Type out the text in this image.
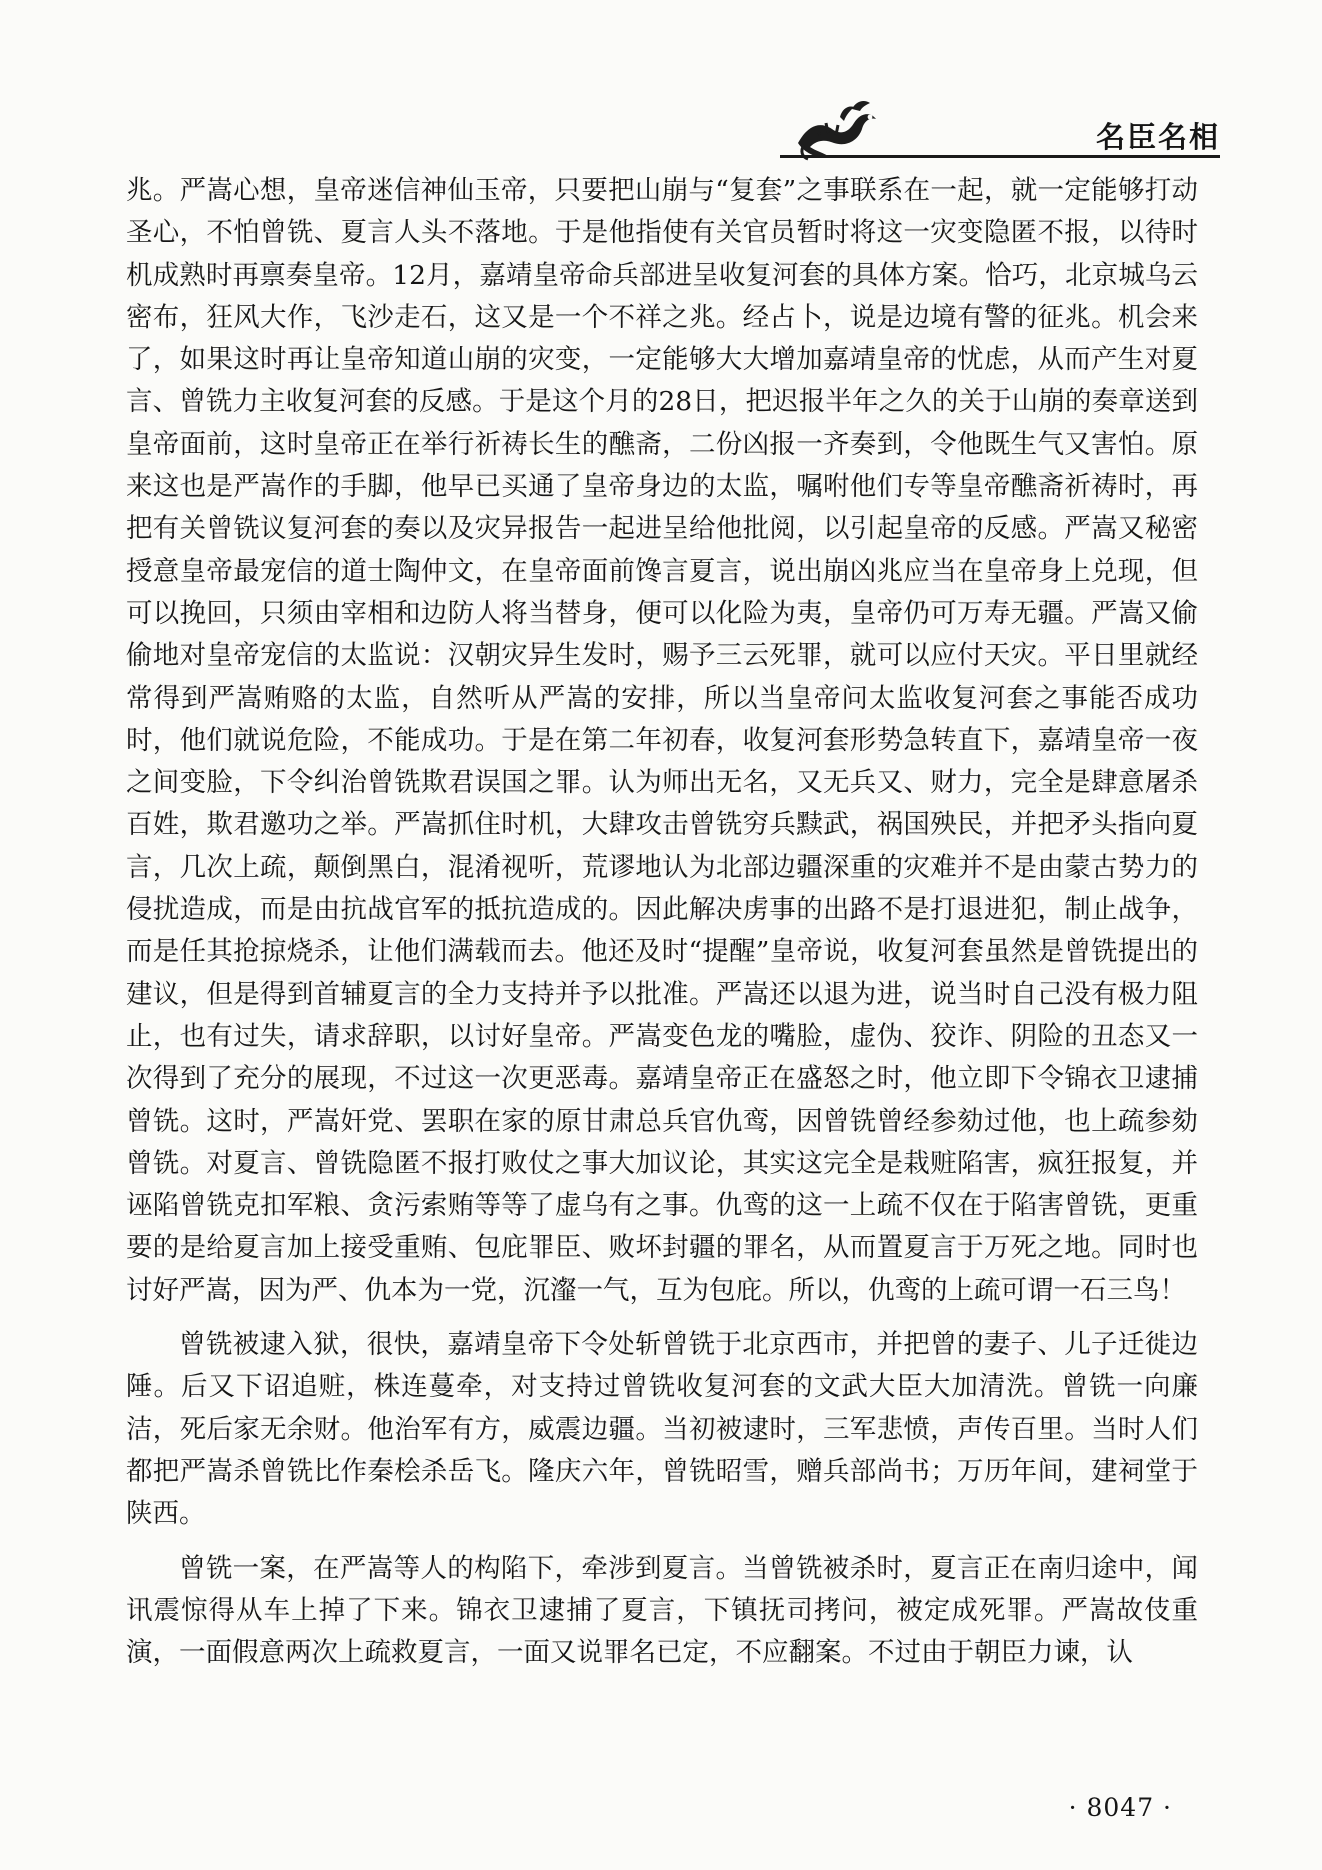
名臣名相

兆。严嵩心想，皇帝迷信神仙玉帝，只要把山崩与“复套”之事联系在一起，就一定能够打动圣心，不怕曾铣、夏言人头不落地。于是他指使有关官员暂时将这一灾变隐匿不报，以待时机成熟时再禀奏皇帝。12月，嘉靖皇帝命兵部进呈收复河套的具体方案。恰巧，北京城乌云密布，狂风大作，飞沙走石，这又是一个不祥之兆。经占卜，说是边境有警的征兆。机会来了，如果这时再让皇帝知道山崩的灾变，一定能够大大增加嘉靖皇帝的忧虑，从而产生对夏言、曾铣力主收复河套的反感。于是这个月的28日，把迟报半年之久的关于山崩的奏章送到皇帝面前，这时皇帝正在举行祈祷长生的醮斋，二份凶报一齐奏到，令他既生气又害怕。原来这也是严嵩作的手脚，他早已买通了皇帝身边的太监，嘱咐他们专等皇帝醮斋祈祷时，再把有关曾铣议复河套的奏以及灾异报告一起进呈给他批阅，以引起皇帝的反感。严嵩又秘密授意皇帝最宠信的道士陶仲文，在皇帝面前馋言夏言，说出崩凶兆应当在皇帝身上兑现，但可以挽回，只须由宰相和边防人将当替身，便可以化险为夷，皇帝仍可万寿无疆。严嵩又偷偷地对皇帝宠信的太监说：汉朝灾异生发时，赐予三云死罪，就可以应付天灾。平日里就经常得到严嵩贿赂的太监，自然听从严嵩的安排，所以当皇帝问太监收复河套之事能否成功时，他们就说危险，不能成功。于是在第二年初春，收复河套形势急转直下，嘉靖皇帝一夜之间变脸，下令纠治曾铣欺君误国之罪。认为师出无名，又无兵又、财力，完全是肆意屠杀百姓，欺君邀功之举。严嵩抓住时机，大肆攻击曾铣穷兵黩武，祸国殃民，并把矛头指向夏言，几次上疏，颠倒黑白，混淆视听，荒谬地认为北部边疆深重的灾难并不是由蒙古势力的侵扰造成，而是由抗战官军的抵抗造成的。因此解决虏事的出路不是打退进犯，制止战争，而是任其抢掠烧杀，让他们满载而去。他还及时“提醒”皇帝说，收复河套虽然是曾铣提出的建议，但是得到首辅夏言的全力支持并予以批准。严嵩还以退为进，说当时自己没有极力阻止，也有过失，请求辞职，以讨好皇帝。严嵩变色龙的嘴脸，虚伪、狡诈、阴险的丑态又一次得到了充分的展现，不过这一次更恶毒。嘉靖皇帝正在盛怒之时，他立即下令锦衣卫逮捕曾铣。这时，严嵩奸党、罢职在家的原甘肃总兵官仇鸾，因曾铣曾经参劾过他，也上疏参劾曾铣。对夏言、曾铣隐匿不报打败仗之事大加议论，其实这完全是栽赃陷害，疯狂报复，并诬陷曾铣克扣军粮、贪污索贿等等了虚乌有之事。仇鸾的这一上疏不仅在于陷害曾铣，更重要的是给夏言加上接受重贿、包庇罪臣、败坏封疆的罪名，从而置夏言于万死之地。同时也讨好严嵩，因为严、仇本为一党，沉瀣一气，互为包庇。所以，仇鸾的上疏可谓一石三鸟！

曾铣被逮入狱，很快，嘉靖皇帝下令处斩曾铣于北京西市，并把曾的妻子、儿子迁徙边陲。后又下诏追赃，株连蔓牵，对支持过曾铣收复河套的文武大臣大加清洗。曾铣一向廉洁，死后家无余财。他治军有方，威震边疆。当初被逮时，三军悲愤，声传百里。当时人们都把严嵩杀曾铣比作秦桧杀岳飞。隆庆六年，曾铣昭雪，赠兵部尚书；万历年间，建祠堂于陕西。

曾铣一案，在严嵩等人的构陷下，牵涉到夏言。当曾铣被杀时，夏言正在南归途中，闻讯震惊得从车上掉了下来。锦衣卫逮捕了夏言，下镇抚司拷问，被定成死罪。严嵩故伎重演，一面假意两次上疏救夏言，一面又说罪名已定，不应翻案。不过由于朝臣力谏，认

· 8047 ·
